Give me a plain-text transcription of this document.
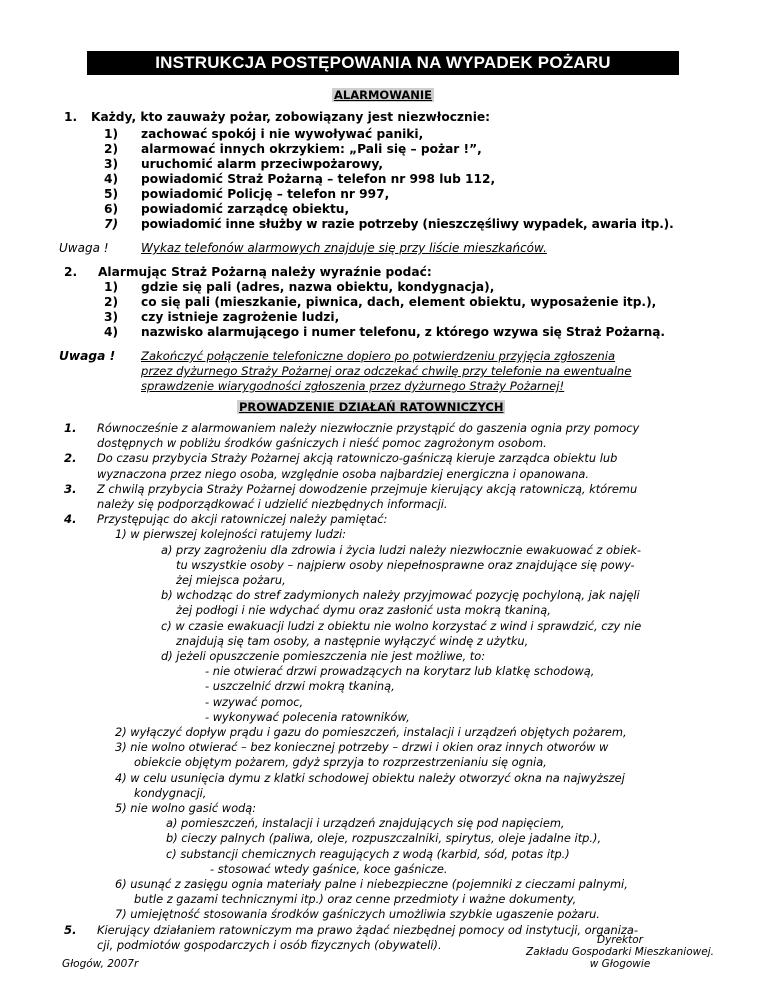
INSTRUKCJA POSTĘPOWANIA NA WYPADEK POŻARU
ALARMOWANIE
1. Każdy, kto zauważy pożar, zobowiązany jest niezwłocznie:
1) zachować spokój i nie wywoływać paniki,
2) alarmować innych okrzykiem: „Pali się – pożar !”,
3) uruchomić alarm przeciwpożarowy,
4) powiadomić Straż Pożarną – telefon nr 998 lub 112,
5) powiadomić Policję – telefon nr 997,
6) powiadomić zarządcę obiektu,
7) powiadomić inne służby w razie potrzeby (nieszczęśliwy wypadek, awaria itp.).
Uwaga !	Wykaz telefonów alarmowych znajduje się przy liście mieszkańców.
2. Alarmując Straż Pożarną należy wyraźnie podać:
1) gdzie się pali (adres, nazwa obiektu, kondygnacja),
2) co się pali (mieszkanie, piwnica, dach, element obiektu, wyposażenie itp.),
3) czy istnieje zagrożenie ludzi,
4) nazwisko alarmującego i numer telefonu, z którego wzywa się Straż Pożarną.
Uwaga ! Zakończyć połączenie telefoniczne dopiero po potwierdzeniu przyjęcia zgłoszenia
przez dyżurnego Straży Pożarnej oraz odczekać chwilę przy telefonie na ewentualne
sprawdzenie wiarygodności zgłoszenia przez dyżurnego Straży Pożarnej!
PROWADZENIE DZIAŁAŃ RATOWNICZYCH
1. Równocześnie z alarmowaniem należy niezwłocznie przystąpić do gaszenia ognia przy pomocy
dostępnych w pobliżu środków gaśniczych i nieść pomoc zagrożonym osobom.
2. Do czasu przybycia Straży Pożarnej akcją ratowniczo-gaśniczą kieruje zarządca obiektu lub
wyznaczona przez niego osoba, względnie osoba najbardziej energiczna i opanowana.
3. Z chwilą przybycia Straży Pożarnej dowodzenie przejmuje kierujący akcją ratowniczą, któremu
należy się podporządkować i udzielić niezbędnych informacji.
4. Przystępując do akcji ratowniczej należy pamiętać:
1) w pierwszej kolejności ratujemy ludzi:
a) przy zagrożeniu dla zdrowia i życia ludzi należy niezwłocznie ewakuować z obiek-
tu wszystkie osoby – najpierw osoby niepełnosprawne oraz znajdujące się powy-
żej miejsca pożaru,
b) wchodząc do stref zadymionych należy przyjmować pozycję pochyloną, jak najęli
żej podłogi i nie wdychać dymu oraz zasłonić usta mokrą tkaniną,
c) w czasie ewakuacji ludzi z obiektu nie wolno korzystać z wind i sprawdzić, czy nie
znajdują się tam osoby, a następnie wyłączyć windę z użytku,
d) jeżeli opuszczenie pomieszczenia nie jest możliwe, to:
- nie otwierać drzwi prowadzących na korytarz lub klatkę schodową,
- uszczelnić drzwi mokrą tkaniną,
- wzywać pomoc,
- wykonywać polecenia ratowników,
2) wyłączyć dopływ prądu i gazu do pomieszczeń, instalacji i urządzeń objętych pożarem,
3) nie wolno otwierać – bez koniecznej potrzeby – drzwi i okien oraz innych otworów w
obiekcie objętym pożarem, gdyż sprzyja to rozprzestrzenianiu się ognia,
4) w celu usunięcia dymu z klatki schodowej obiektu należy otworzyć okna na najwyższej
kondygnacji,
5) nie wolno gasić wodą:
a) pomieszczeń, instalacji i urządzeń znajdujących się pod napięciem,
b) cieczy palnych (paliwa, oleje, rozpuszczalniki, spirytus, oleje jadalne itp.),
c) substancji chemicznych reagujących z wodą (karbid, sód, potas itp.)
- stosować wtedy gaśnice, koce gaśnicze.
6) usunąć z zasięgu ognia materiały palne i niebezpieczne (pojemniki z cieczami palnymi,
butle z gazami technicznymi itp.) oraz cenne przedmioty i ważne dokumenty,
7) umiejętność stosowania środków gaśniczych umożliwia szybkie ugaszenie pożaru.
5. Kierujący działaniem ratowniczym ma prawo żądać niezbędnej pomocy od instytucji, organiza-
cji, podmiotów gospodarczych i osób fizycznych (obywateli).
Głogów, 2007r
Dyrektor
Zakładu Gospodarki Mieszkaniowej.
w Głogowie
